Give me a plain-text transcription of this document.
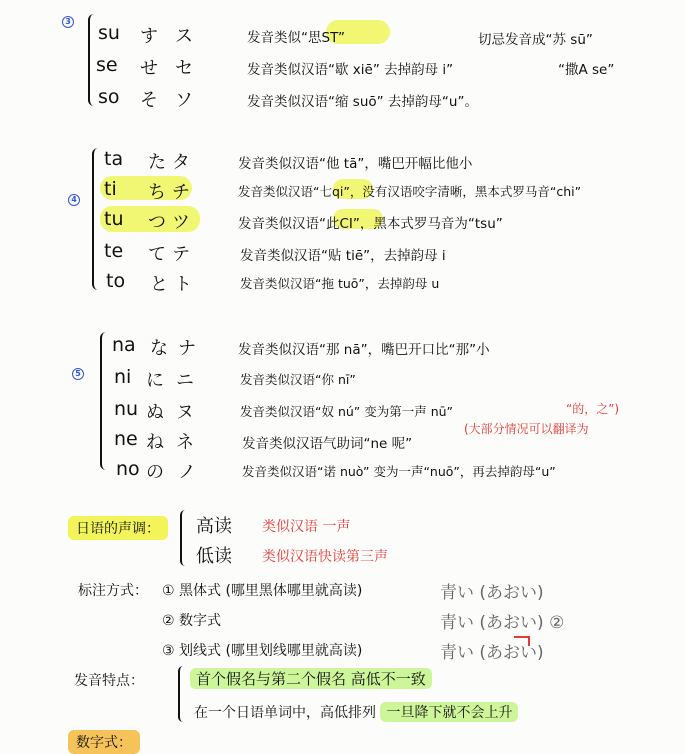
3
su す ス	发音类似“思ST”	切忌发音成“苏 sū”
se せ セ	发音类似汉语“歇 xiē” 去掉韵母 i”	“撒A se”
so そ ソ	发音类似汉语“缩 suō” 去掉韵母“u”。
4
ta た タ	发音类似汉语“他 tā”，嘴巴开幅比他小
ti ち チ	发音类似汉语“七qi”，没有汉语咬字清晰，黑本式罗马音“chi”
tu つ ツ	发音类似汉语“此CI”，黑本式罗马音为“tsu”
te て テ	发音类似汉语“贴 tiē”，去掉韵母 i
to と ト	发音类似汉语“拖 tuō”，去掉韵母 u
5
na な ナ	发音类似汉语“那 nā”，嘴巴开口比“那”小
ni に ニ	发音类似汉语“你 nī”
nu ぬ ヌ	发音类似汉语“奴 nú” 变为第一声 nū”
ne ね ネ	发音类似汉语气助词“ne 呢”
no の ノ	发音类似汉语“诺 nuò” 变为一声“nuō”，再去掉韵母“u”
“的，之”)
(大部分情况可以翻译为
日语的声调：	高读 类似汉语 一声
低读 类似汉语快读第三声
标注方式： ① 黑体式 (哪里黑体哪里就高读)	青い (あおい)
② 数字式	青い (あおい) ②
③ 划线式 (哪里划线哪里就高读)	青い (あおい)
发音特点：	首个假名与第二个假名 高低不一致
在一个日语单词中，高低排列 一旦降下就不会上升
数字式：
